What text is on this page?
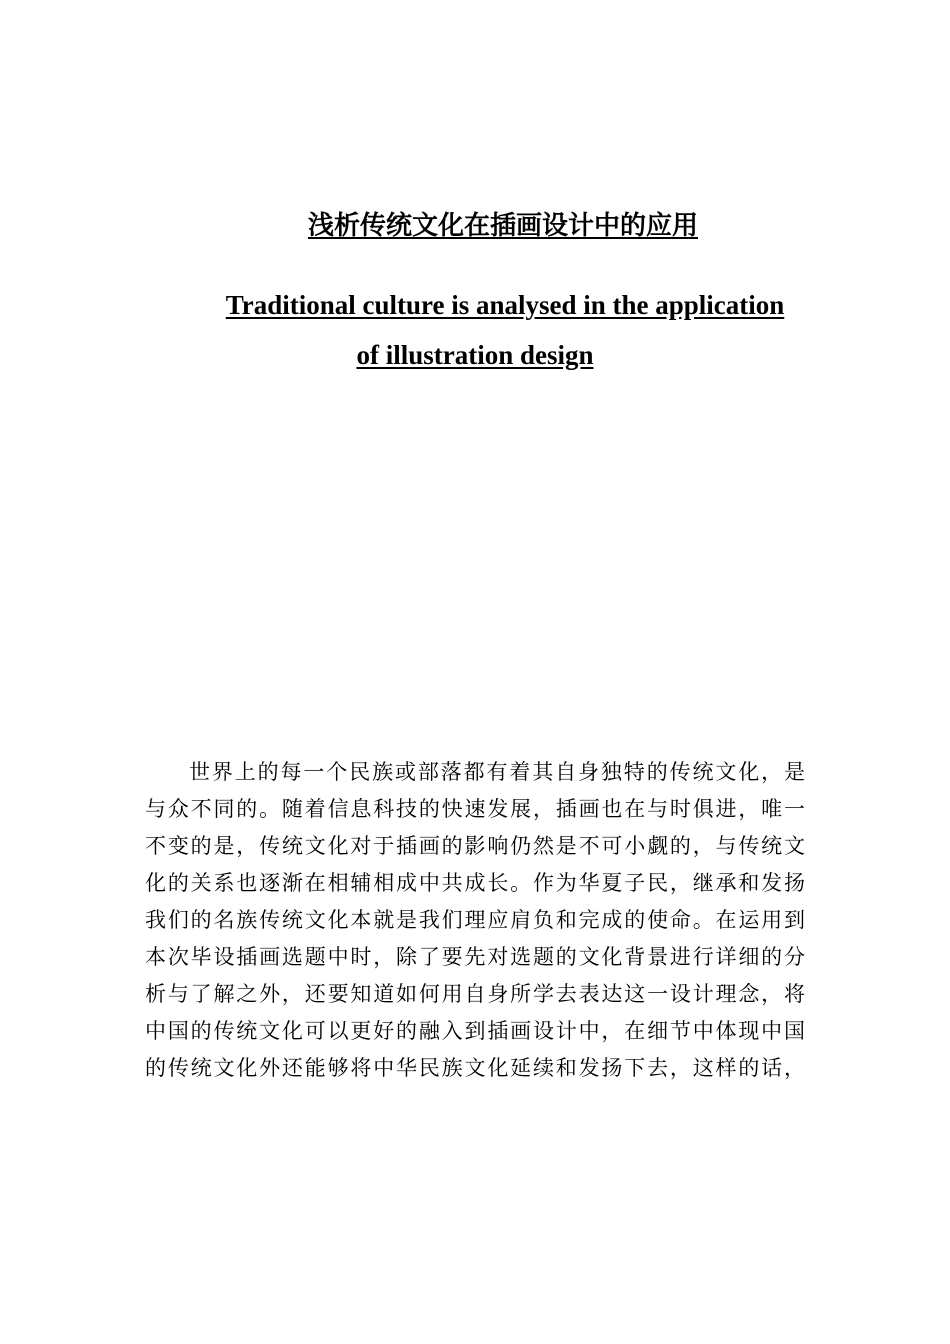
浅析传统文化在插画设计中的应用
Traditional culture is analysed in the application
of illustration design
世界上的每一个民族或部落都有着其自身独特的传统文化，是
与众不同的。随着信息科技的快速发展，插画也在与时俱进，唯一
不变的是，传统文化对于插画的影响仍然是不可小觑的，与传统文
化的关系也逐渐在相辅相成中共成长。作为华夏子民，继承和发扬
我们的名族传统文化本就是我们理应肩负和完成的使命。在运用到
本次毕设插画选题中时，除了要先对选题的文化背景进行详细的分
析与了解之外，还要知道如何用自身所学去表达这一设计理念，将
中国的传统文化可以更好的融入到插画设计中，在细节中体现中国
的传统文化外还能够将中华民族文化延续和发扬下去，这样的话，
